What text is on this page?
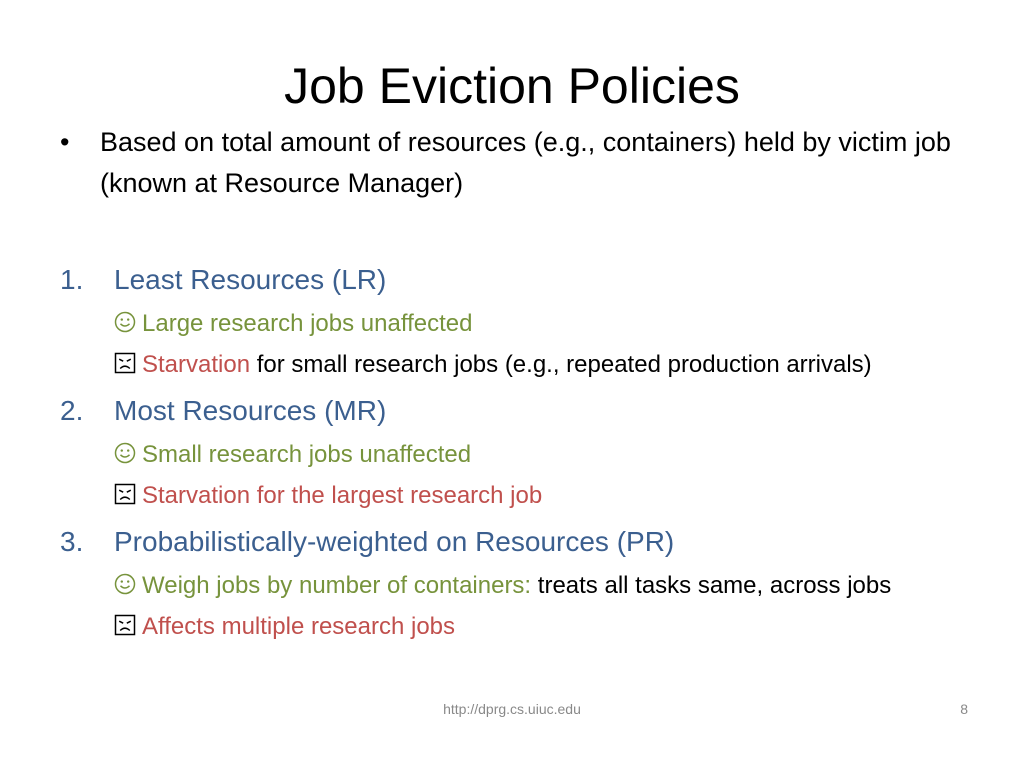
Job Eviction Policies
• Based on total amount of resources (e.g., containers) held by victim job (known at Resource Manager)
1. Least Resources (LR)
Large research jobs unaffected
Starvation for small research jobs (e.g., repeated production arrivals)
2. Most Resources (MR)
Small research jobs unaffected
Starvation for the largest research job
3. Probabilistically-weighted on Resources (PR)
Weigh jobs by number of containers: treats all tasks same, across jobs
Affects multiple research jobs
http://dprg.cs.uiuc.edu	8
